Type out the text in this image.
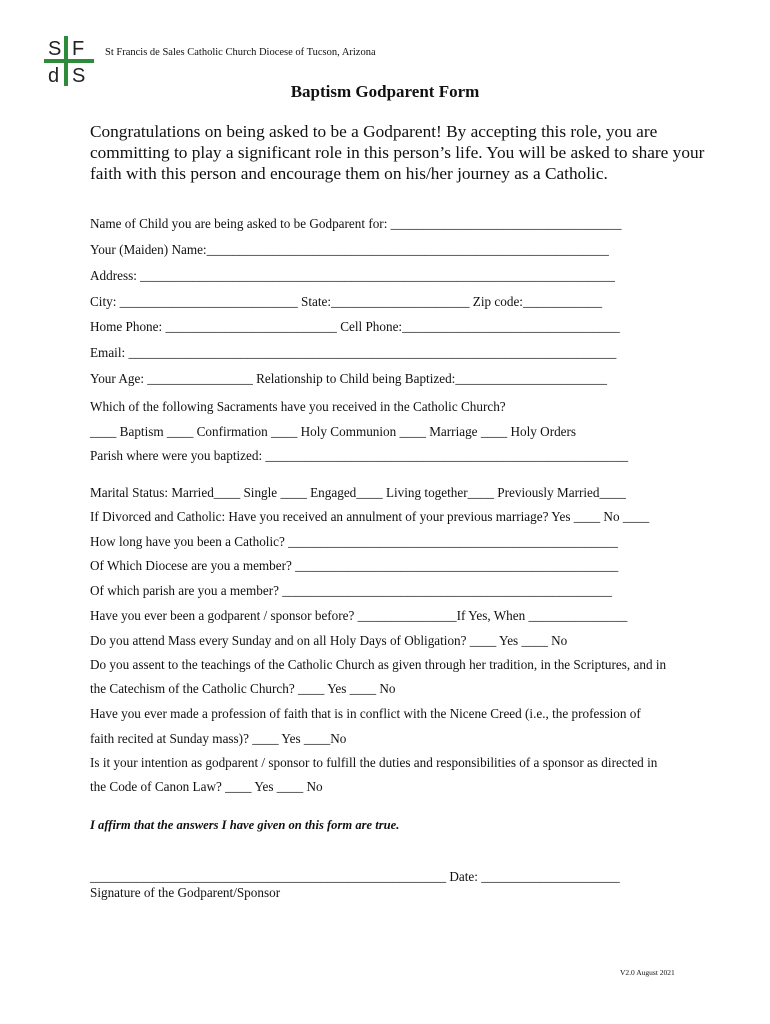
S F
d S
St Francis de Sales Catholic Church Diocese of Tucson, Arizona
Baptism Godparent Form
Congratulations on being asked to be a Godparent! By accepting this role, you are committing to play a significant role in this person’s life. You will be asked to share your faith with this person and encourage them on his/her journey as a Catholic.
Name of Child you are being asked to be Godparent for: ___________________________________
Your (Maiden) Name:_____________________________________________________________
Address: ________________________________________________________________________
City: ___________________________ State:_____________________ Zip code:____________
Home Phone: __________________________ Cell Phone:_________________________________
Email: __________________________________________________________________________
Your Age: ________________ Relationship to Child being Baptized:_______________________
Which of the following Sacraments have you received in the Catholic Church?
____ Baptism ____ Confirmation ____ Holy Communion ____ Marriage ____ Holy Orders
Parish where were you baptized: _______________________________________________________
Marital Status: Married____ Single ____ Engaged____ Living together____ Previously Married____
If Divorced and Catholic: Have you received an annulment of your previous marriage? Yes ____ No ____
How long have you been a Catholic? __________________________________________________
Of Which Diocese are you a member? _________________________________________________
Of which parish are you a member? __________________________________________________
Have you ever been a godparent / sponsor before? _______________If Yes, When _______________
Do you attend Mass every Sunday and on all Holy Days of Obligation? ____ Yes ____ No
Do you assent to the teachings of the Catholic Church as given through her tradition, in the Scriptures, and in
the Catechism of the Catholic Church? ____ Yes ____ No
Have you ever made a profession of faith that is in conflict with the Nicene Creed (i.e., the profession of
faith recited at Sunday mass)? ____ Yes ____No
Is it your intention as godparent / sponsor to fulfill the duties and responsibilities of a sponsor as directed in
the Code of Canon Law? ____ Yes ____ No
I affirm that the answers I have given on this form are true.
______________________________________________________ Date: _____________________
Signature of the Godparent/Sponsor
V2.0 August 2021
